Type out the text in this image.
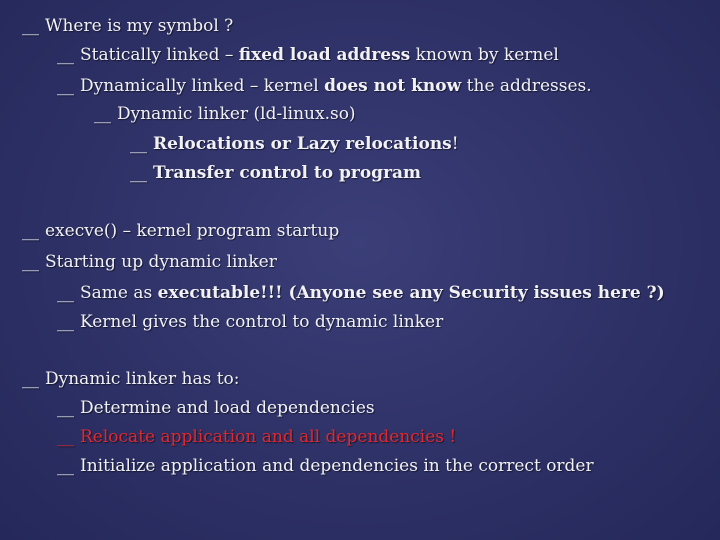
__ Where is my symbol ?
__ Statically linked – fixed load address known by kernel
__ Dynamically linked – kernel does not know the addresses.
__ Dynamic linker (ld-linux.so)
__ Relocations or Lazy relocations!
__ Transfer control to program
__ execve() – kernel program startup
__ Starting up dynamic linker
__ Same as executable!!! (Anyone see any Security issues here ?)
__ Kernel gives the control to dynamic linker
__ Dynamic linker has to:
__ Determine and load dependencies
__ Relocate application and all dependencies !
__ Initialize application and dependencies in the correct order
